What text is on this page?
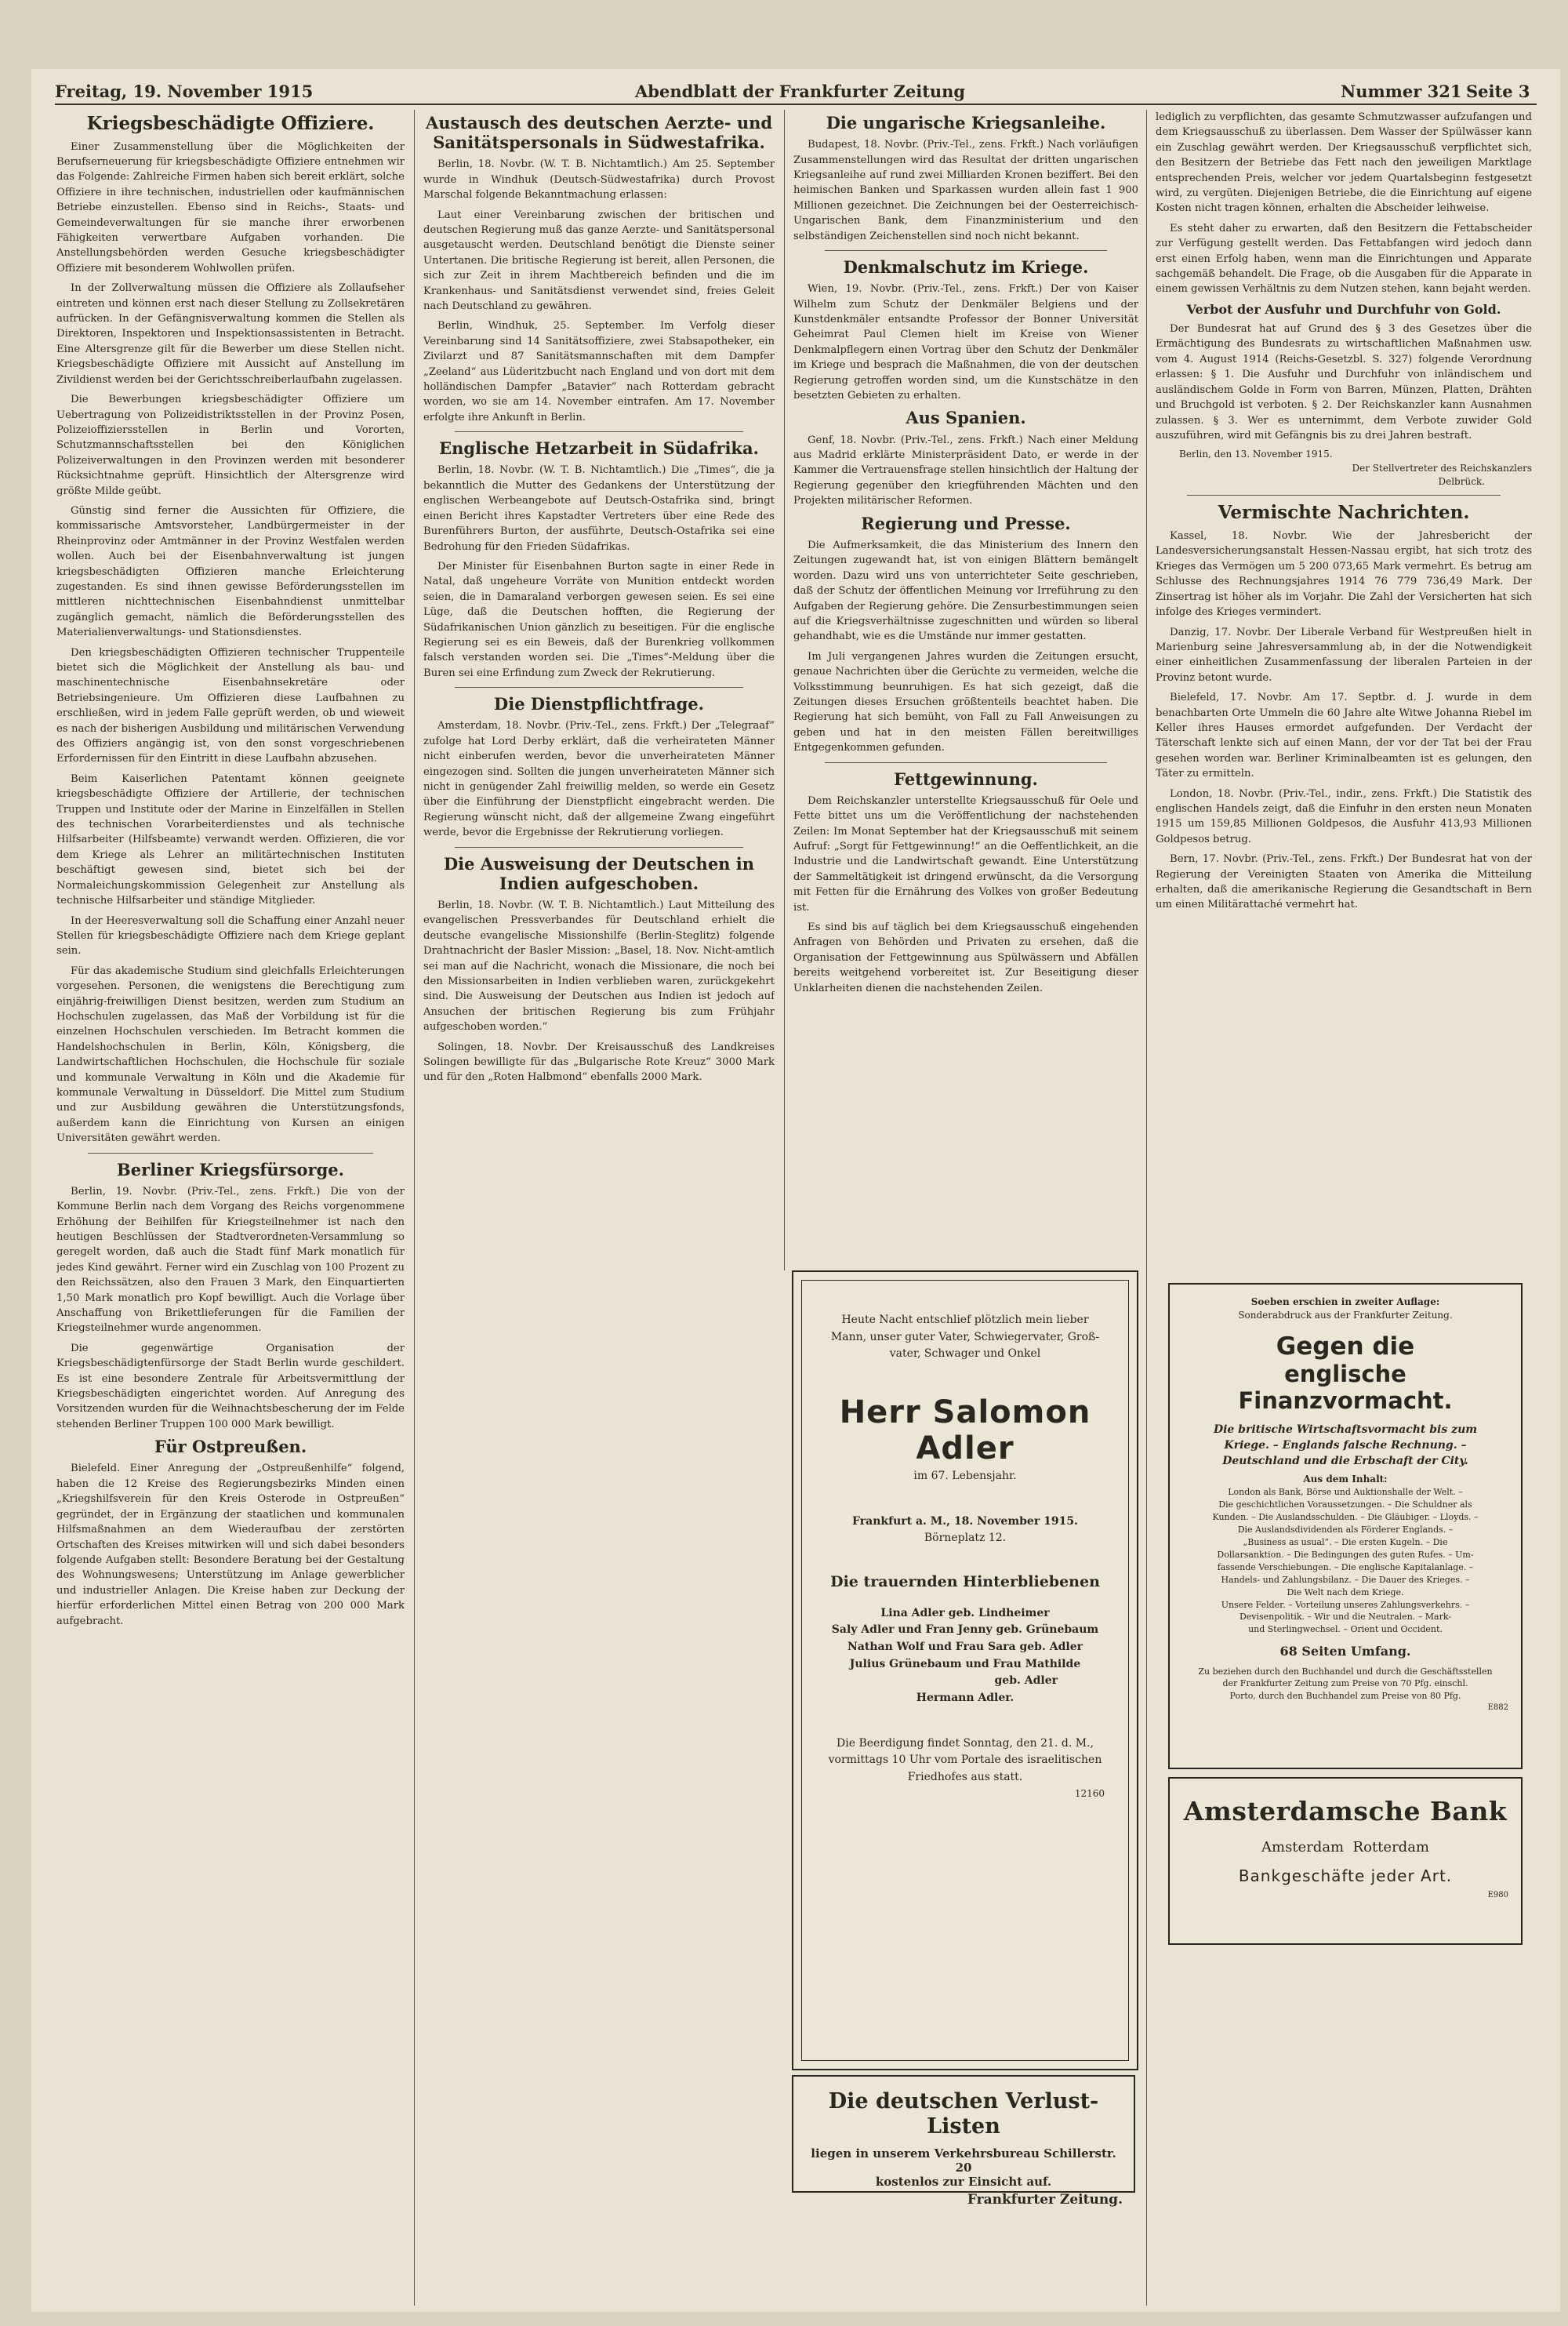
Freitag, 19. November 1915	Abendblatt der Frankfurter Zeitung	Nummer 321 Seite 3
Kriegsbeschädigte Offiziere.

Einer Zusammenstellung über die Möglichkeiten der Berufserneuerung für kriegsbeschädigte Offiziere entnehmen wir das Folgende: Zahlreiche Firmen haben sich bereit erklärt, solche Offiziere in ihre technischen, industriellen oder kaufmännischen Betriebe einzustellen. Ebenso sind in Reichs-, Staats- und Gemeindeverwaltungen für sie manche ihrer erworbenen Fähigkeiten verwertbare Aufgaben vorhanden. Die Anstellungsbehörden werden Gesuche kriegsbeschädigter Offiziere mit besonderem Wohlwollen prüfen.

In der Zollverwaltung müssen die Offiziere als Zollaufseher eintreten und können erst nach dieser Stellung zu Zollsekretären aufrücken. In der Gefängnisverwaltung kommen die Stellen als Direktoren, Inspektoren und Inspektionsassistenten in Betracht. Eine Altersgrenze gilt für die Bewerber um diese Stellen nicht. Kriegsbeschädigte Offiziere mit Aussicht auf Anstellung im Zivildienst werden bei der Gerichtsschreiberlaufbahn zugelassen.

Die Bewerbungen kriegsbeschädigter Offiziere um Uebertragung von Polizeidistriktsstellen in der Provinz Posen, Polizeioffiziersstellen in Berlin und Vororten, Schutzmannschaftsstellen bei den Königlichen Polizeiverwaltungen in den Provinzen werden mit besonderer Rücksichtnahme geprüft. Hinsichtlich der Altersgrenze wird größte Milde geübt.

Günstig sind ferner die Aussichten für Offiziere, die kommissarische Amtsvorsteher, Landbürgermeister in der Rheinprovinz oder Amtmänner in der Provinz Westfalen werden wollen. Auch bei der Eisenbahnverwaltung ist jungen kriegsbeschädigten Offizieren manche Erleichterung zugestanden. Es sind ihnen gewisse Beförderungsstellen im mittleren nichttechnischen Eisenbahndienst unmittelbar zugänglich gemacht, nämlich die Beförderungsstellen des Materialienverwaltungs- und Stationsdienstes.

Den kriegsbeschädigten Offizieren technischer Truppenteile bietet sich die Möglichkeit der Anstellung als bau- und maschinentechnische Eisenbahnsekretäre oder Betriebsingenieure. Um Offizieren diese Laufbahnen zu erschließen, wird in jedem Falle geprüft werden, ob und wieweit es nach der bisherigen Ausbildung und militärischen Verwendung des Offiziers angängig ist, von den sonst vorgeschriebenen Erfordernissen für den Eintritt in diese Laufbahn abzusehen.

Beim Kaiserlichen Patentamt können geeignete kriegsbeschädigte Offiziere der Artillerie, der technischen Truppen und Institute oder der Marine in Einzelfällen in Stellen des technischen Vorarbeiterdienstes und als technische Hilfsarbeiter (Hilfsbeamte) verwandt werden. Offizieren, die vor dem Kriege als Lehrer an militärtechnischen Instituten beschäftigt gewesen sind, bietet sich bei der Normaleichungskommission Gelegenheit zur Anstellung als technische Hilfsarbeiter und ständige Mitglieder.

In der Heeresverwaltung soll die Schaffung einer Anzahl neuer Stellen für kriegsbeschädigte Offiziere nach dem Kriege geplant sein.

Für das akademische Studium sind gleichfalls Erleichterungen vorgesehen. Personen, die wenigstens die Berechtigung zum einjährig-freiwilligen Dienst besitzen, werden zum Studium an Hochschulen zugelassen, das Maß der Vorbildung ist für die einzelnen Hochschulen verschieden. Im Betracht kommen die Handelshochschulen in Berlin, Köln, Königsberg, die Landwirtschaftlichen Hochschulen, die Hochschule für soziale und kommunale Verwaltung in Köln und die Akademie für kommunale Verwaltung in Düsseldorf. Die Mittel zum Studium und zur Ausbildung gewähren die Unterstützungsfonds, außerdem kann die Einrichtung von Kursen an einigen Universitäten gewährt werden.

Berliner Kriegsfürsorge.

Berlin, 19. Novbr. (Priv.-Tel., zens. Frkft.) Die von der Kommune Berlin nach dem Vorgang des Reichs vorgenommene Erhöhung der Beihilfen für Kriegsteilnehmer ist nach den heutigen Beschlüssen der Stadtverordneten-Versammlung so geregelt worden, daß auch die Stadt fünf Mark monatlich für jedes Kind gewährt. Ferner wird ein Zuschlag von 100 Prozent zu den Reichssätzen, also den Frauen 3 Mark, den Einquartierten 1,50 Mark monatlich pro Kopf bewilligt. Auch die Vorlage über Anschaffung von Brikettlieferungen für die Familien der Kriegsteilnehmer wurde angenommen.

Die gegenwärtige Organisation der Kriegsbeschädigtenfürsorge der Stadt Berlin wurde geschildert. Es ist eine besondere Zentrale für Arbeitsvermittlung der Kriegsbeschädigten eingerichtet worden. Auf Anregung des Vorsitzenden wurden für die Weihnachtsbescherung der im Felde stehenden Berliner Truppen 100 000 Mark bewilligt.

Für Ostpreußen.

Bielefeld. Einer Anregung der „Ostpreußenhilfe“ folgend, haben die 12 Kreise des Regierungsbezirks Minden einen „Kriegshilfsverein für den Kreis Osterode in Ostpreußen“ gegründet, der in Ergänzung der staatlichen und kommunalen Hilfsmaßnahmen an dem Wiederaufbau der zerstörten Ortschaften des Kreises mitwirken will und sich dabei besonders folgende Aufgaben stellt: Besondere Beratung bei der Gestaltung des Wohnungswesens; Unterstützung im Anlage gewerblicher und industrieller Anlagen. Die Kreise haben zur Deckung der hierfür erforderlichen Mittel einen Betrag von 200 000 Mark aufgebracht.

Austausch des deutschen Aerzte- und Sanitätspersonals in Südwestafrika.

Berlin, 18. Novbr. (W. T. B. Nichtamtlich.) Am 25. September wurde in Windhuk (Deutsch-Südwestafrika) durch Provost Marschal folgende Bekanntmachung erlassen:

Laut einer Vereinbarung zwischen der britischen und deutschen Regierung muß das ganze Aerzte- und Sanitätspersonal ausgetauscht werden. Deutschland benötigt die Dienste seiner Untertanen. Die britische Regierung ist bereit, allen Personen, die sich zur Zeit in ihrem Machtbereich befinden und die im Krankenhaus- und Sanitätsdienst verwendet sind, freies Geleit nach Deutschland zu gewähren.

Berlin, Windhuk, 25. September. Im Verfolg dieser Vereinbarung sind 14 Sanitätsoffiziere, zwei Stabsapotheker, ein Zivilarzt und 87 Sanitätsmannschaften mit dem Dampfer „Zeeland“ aus Lüderitzbucht nach England und von dort mit dem holländischen Dampfer „Batavier“ nach Rotterdam gebracht worden, wo sie am 14. November eintrafen. Am 17. November erfolgte ihre Ankunft in Berlin.

Englische Hetzarbeit in Südafrika.

Berlin, 18. Novbr. (W. T. B. Nichtamtlich.) Die „Times“, die ja bekanntlich die Mutter des Gedankens der Unterstützung der englischen Werbeangebote auf Deutsch-Ostafrika sind, bringt einen Bericht ihres Kapstadter Vertreters über eine Rede des Burenführers Burton, der ausführte, Deutsch-Ostafrika sei eine Bedrohung für den Frieden Südafrikas.

Der Minister für Eisenbahnen Burton sagte in einer Rede in Natal, daß ungeheure Vorräte von Munition entdeckt worden seien, die in Damaraland verborgen gewesen seien. Es sei eine Lüge, daß die Deutschen hofften, die Regierung der Südafrikanischen Union gänzlich zu beseitigen. Für die englische Regierung sei es ein Beweis, daß der Burenkrieg vollkommen falsch verstanden worden sei. Die „Times“-Meldung über die Buren sei eine Erfindung zum Zweck der Rekrutierung.

Die Dienstpflichtfrage.

Amsterdam, 18. Novbr. (Priv.-Tel., zens. Frkft.) Der „Telegraaf“ zufolge hat Lord Derby erklärt, daß die verheirateten Männer nicht einberufen werden, bevor die unverheirateten Männer eingezogen sind. Sollten die jungen unverheirateten Männer sich nicht in genügender Zahl freiwillig melden, so werde ein Gesetz über die Einführung der Dienstpflicht eingebracht werden. Die Regierung wünscht nicht, daß der allgemeine Zwang eingeführt werde, bevor die Ergebnisse der Rekrutierung vorliegen.

Die Ausweisung der Deutschen in Indien aufgeschoben.

Berlin, 18. Novbr. (W. T. B. Nichtamtlich.) Laut Mitteilung des evangelischen Pressverbandes für Deutschland erhielt die deutsche evangelische Missionshilfe (Berlin-Steglitz) folgende Drahtnachricht der Basler Mission: „Basel, 18. Nov. Nicht-amtlich sei man auf die Nachricht, wonach die Missionare, die noch bei den Missionsarbeiten in Indien verblieben waren, zurückgekehrt sind. Die Ausweisung der Deutschen aus Indien ist jedoch auf Ansuchen der britischen Regierung bis zum Frühjahr aufgeschoben worden.“

Solingen, 18. Novbr. Der Kreisausschuß des Landkreises Solingen bewilligte für das „Bulgarische Rote Kreuz“ 3000 Mark und für den „Roten Halbmond“ ebenfalls 2000 Mark.

Die ungarische Kriegsanleihe.

Budapest, 18. Novbr. (Priv.-Tel., zens. Frkft.) Nach vorläufigen Zusammenstellungen wird das Resultat der dritten ungarischen Kriegsanleihe auf rund zwei Milliarden Kronen beziffert. Bei den heimischen Banken und Sparkassen wurden allein fast 1 900 Millionen gezeichnet. Die Zeichnungen bei der Oesterreichisch-Ungarischen Bank, dem Finanzministerium und den selbständigen Zeichenstellen sind noch nicht bekannt.

Denkmalschutz im Kriege.

Wien, 19. Novbr. (Priv.-Tel., zens. Frkft.) Der von Kaiser Wilhelm zum Schutz der Denkmäler Belgiens und der Kunstdenkmäler entsandte Professor der Bonner Universität Geheimrat Paul Clemen hielt im Kreise von Wiener Denkmalpflegern einen Vortrag über den Schutz der Denkmäler im Kriege und besprach die Maßnahmen, die von der deutschen Regierung getroffen worden sind, um die Kunstschätze in den besetzten Gebieten zu erhalten.

Aus Spanien.

Genf, 18. Novbr. (Priv.-Tel., zens. Frkft.) Nach einer Meldung aus Madrid erklärte Ministerpräsident Dato, er werde in der Kammer die Vertrauensfrage stellen hinsichtlich der Haltung der Regierung gegenüber den kriegführenden Mächten und den Projekten militärischer Reformen.

Regierung und Presse.

Die Aufmerksamkeit, die das Ministerium des Innern den Zeitungen zugewandt hat, ist von einigen Blättern bemängelt worden. Dazu wird uns von unterrichteter Seite geschrieben, daß der Schutz der öffentlichen Meinung vor Irreführung zu den Aufgaben der Regierung gehöre. Die Zensurbestimmungen seien auf die Kriegsverhältnisse zugeschnitten und würden so liberal gehandhabt, wie es die Umstände nur immer gestatten.

Im Juli vergangenen Jahres wurden die Zeitungen ersucht, genaue Nachrichten über die Gerüchte zu vermeiden, welche die Volksstimmung beunruhigen. Es hat sich gezeigt, daß die Zeitungen dieses Ersuchen größtenteils beachtet haben. Die Regierung hat sich bemüht, von Fall zu Fall Anweisungen zu geben und hat in den meisten Fällen bereitwilliges Entgegenkommen gefunden.

Fettgewinnung.

Dem Reichskanzler unterstellte Kriegsausschuß für Oele und Fette bittet uns um die Veröffentlichung der nachstehenden Zeilen: Im Monat September hat der Kriegsausschuß mit seinem Aufruf: „Sorgt für Fettgewinnung!“ an die Oeffentlichkeit, an die Industrie und die Landwirtschaft gewandt. Eine Unterstützung der Sammeltätigkeit ist dringend erwünscht, da die Versorgung mit Fetten für die Ernährung des Volkes von großer Bedeutung ist.

Es sind bis auf täglich bei dem Kriegsausschuß eingehenden Anfragen von Behörden und Privaten zu ersehen, daß die Organisation der Fettgewinnung aus Spülwässern und Abfällen bereits weitgehend vorbereitet ist. Zur Beseitigung dieser Unklarheiten dienen die nachstehenden Zeilen.

Heute Nacht entschlief plötzlich mein lieber
Mann, unser guter Vater, Schwiegervater, Groß-
vater, Schwager und Onkel
Herr Salomon Adler
im 67. Lebensjahr.
Frankfurt a. M., 18. November 1915.
Börneplatz 12.
Die trauernden Hinterbliebenen
Lina Adler geb. Lindheimer
Saly Adler und Fran Jenny geb. Grünebaum
Nathan Wolf und Frau Sara geb. Adler
Julius Grünebaum und Frau Mathilde
geb. Adler
Hermann Adler.
Die Beerdigung findet Sonntag, den 21. d. M.,
vormittags 10 Uhr vom Portale des israelitischen
Friedhofes aus statt.
12160
Die deutschen Verlust-Listen
liegen in unserem Verkehrsbureau Schillerstr. 20
kostenlos zur Einsicht auf.
Frankfurter Zeitung.

lediglich zu verpflichten, das gesamte Schmutzwasser aufzufangen und dem Kriegsausschuß zu überlassen. Dem Wasser der Spülwässer kann ein Zuschlag gewährt werden. Der Kriegsausschuß verpflichtet sich, den Besitzern der Betriebe das Fett nach den jeweiligen Marktlage entsprechenden Preis, welcher vor jedem Quartalsbeginn festgesetzt wird, zu vergüten. Diejenigen Betriebe, die die Einrichtung auf eigene Kosten nicht tragen können, erhalten die Abscheider leihweise.

Es steht daher zu erwarten, daß den Besitzern die Fettabscheider zur Verfügung gestellt werden. Das Fettabfangen wird jedoch dann erst einen Erfolg haben, wenn man die Einrichtungen und Apparate sachgemäß behandelt. Die Frage, ob die Ausgaben für die Apparate in einem gewissen Verhältnis zu dem Nutzen stehen, kann bejaht werden.

Verbot der Ausfuhr und Durchfuhr von Gold.

Der Bundesrat hat auf Grund des § 3 des Gesetzes über die Ermächtigung des Bundesrats zu wirtschaftlichen Maßnahmen usw. vom 4. August 1914 (Reichs-Gesetzbl. S. 327) folgende Verordnung erlassen: § 1. Die Ausfuhr und Durchfuhr von inländischem und ausländischem Golde in Form von Barren, Münzen, Platten, Drähten und Bruchgold ist verboten. § 2. Der Reichskanzler kann Ausnahmen zulassen. § 3. Wer es unternimmt, dem Verbote zuwider Gold auszuführen, wird mit Gefängnis bis zu drei Jahren bestraft.

Berlin, den 13. November 1915.
Der Stellvertreter des Reichskanzlers
Delbrück.
Vermischte Nachrichten.

Kassel, 18. Novbr. Wie der Jahresbericht der Landesversicherungsanstalt Hessen-Nassau ergibt, hat sich trotz des Krieges das Vermögen um 5 200 073,65 Mark vermehrt. Es betrug am Schlusse des Rechnungsjahres 1914 76 779 736,49 Mark. Der Zinsertrag ist höher als im Vorjahr. Die Zahl der Versicherten hat sich infolge des Krieges vermindert.

Danzig, 17. Novbr. Der Liberale Verband für Westpreußen hielt in Marienburg seine Jahresversammlung ab, in der die Notwendigkeit einer einheitlichen Zusammenfassung der liberalen Parteien in der Provinz betont wurde.

Bielefeld, 17. Novbr. Am 17. Septbr. d. J. wurde in dem benachbarten Orte Ummeln die 60 Jahre alte Witwe Johanna Riebel im Keller ihres Hauses ermordet aufgefunden. Der Verdacht der Täterschaft lenkte sich auf einen Mann, der vor der Tat bei der Frau gesehen worden war. Berliner Kriminalbeamten ist es gelungen, den Täter zu ermitteln.

London, 18. Novbr. (Priv.-Tel., indir., zens. Frkft.) Die Statistik des englischen Handels zeigt, daß die Einfuhr in den ersten neun Monaten 1915 um 159,85 Millionen Goldpesos, die Ausfuhr 413,93 Millionen Goldpesos betrug.

Bern, 17. Novbr. (Priv.-Tel., zens. Frkft.) Der Bundesrat hat von der Regierung der Vereinigten Staaten von Amerika die Mitteilung erhalten, daß die amerikanische Regierung die Gesandtschaft in Bern um einen Militärattaché vermehrt hat.

Soeben erschien in zweiter Auflage:
Sonderabdruck aus der Frankfurter Zeitung.
Gegen die
englische Finanzvormacht.
Die britische Wirtschaftsvormacht bis zum
Kriege. – Englands falsche Rechnung. –
Deutschland und die Erbschaft der City.
Aus dem Inhalt:
London als Bank, Börse und Auktionshalle der Welt. –
Die geschichtlichen Voraussetzungen. – Die Schuldner als
Kunden. – Die Auslandsschulden. – Die Gläubiger. – Lloyds. –
Die Auslandsdividenden als Förderer Englands. –
„Business as usual“. – Die ersten Kugeln. – Die
Dollarsanktion. – Die Bedingungen des guten Rufes. – Um-
fassende Verschiebungen. – Die englische Kapitalanlage. –
Handels- und Zahlungsbilanz. – Die Dauer des Krieges. –
Die Welt nach dem Kriege.
Unsere Felder. – Vorteilung unseres Zahlungsverkehrs. –
Devisenpolitik. – Wir und die Neutralen. – Mark-
und Sterlingwechsel. – Orient und Occident.
68 Seiten Umfang.
Zu beziehen durch den Buchhandel und durch die Geschäftsstellen
der Frankfurter Zeitung zum Preise von 70 Pfg. einschl.
Porto, durch den Buchhandel zum Preise von 80 Pfg.
E882
Amsterdamsche Bank
Amsterdam  Rotterdam
Bankgeschäfte jeder Art.
E980
